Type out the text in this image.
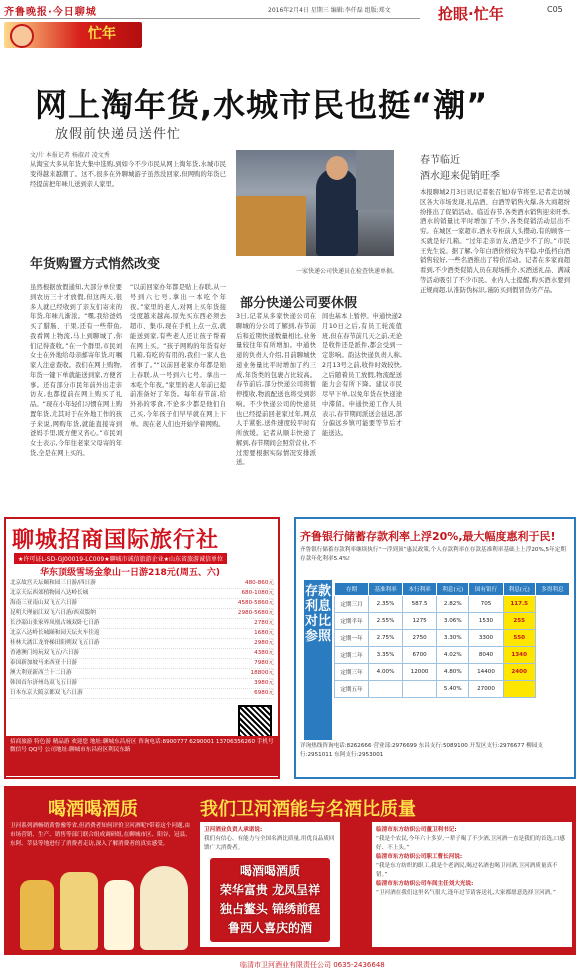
齐鲁晚报·今日聊城	2016年2月4日 星期三 编辑:李仟磊 组版:郑文	抢眼·忙年	C05
忙年
网上淘年货,水城市民也挺“潮”
放假前快递员送件忙
文/片 本报记者 杨淑君 凌文秀
从淘宝大多从年货大集中选购,到如今不少市民从网上淘年货,水城市民变得越来越潮了。这不,很多在外聊城游子虽然没回家,但网购的年货已经提前把年味儿送到亲人家里。
年货购置方式悄然改变
虽然根据放假通知,大部分单位要到农历三十才放假,但这两天,很多人就已经收到了亲友们寄来的年货,年味儿渐浓。“嘿,我给爸妈买了腊肠、干果,还有一些带鱼,我看网上物流,马上到聊城了,你们记得查收。”在一个群里,市民刘女士在外地给母亲邮寄年货,叮嘱家人注意查收。我们在网上购物,年货一键下单就能送到家,方便省事。还有部分市民年前外出走亲访友,也都提前在网上购买了礼品。“现在小年轻们习惯在网上购置年货,尤其对于在外地工作的孩子来说,网购年货,就能直接寄到爸妈手里,既方便又省心。”市民刘女士表示,今年往老家父母寄的年货,全是在网上买的。
“以前回家办年都是贴上春联,从一号到六七号,拿出一本吃个年夜。”家里的老人,对网上买年货接受度越来越高,原先买东西必须去超市、集市,现在手机上点一点,就能送到家,有些老人还让孩子帮着在网上买。“孩子网购的年货有好几箱,有吃的有用的,我们一家人也省事了。”“以前回老家办年都是贴上春联,从一号到六七号。拿出一本吃个年夜。”家里的老人年前已提前准备好了年货。每年春节前,给外孙的零食,不论多少都是他们自己买,今年孩子们早早就在网上下单。现在老人们也开始学着网购。
一家快递公司快递员在检查快递单据。
部分快递公司要休假
3日,记者从多家快递公司在聊城的分公司了解到,春节前后和近期快递数量相比,业务量较往年有所增加。中通快递的负责人介绍,目前聊城快递业务量比平时增加了约三成,年货类的包裹占比较高。春节前后,部分快递公司将暂停揽收,物流配送也将受到影响。不少快递公司的快递员也已经提前回老家过年,网点人手紧张,送件速度较平时有所放缓。记者从顺丰快递了解到,春节期间会照常营业,不过需要根据实际情况安排派送。
间也基本上暂停。申通快递2月10日之后,有员工轮流值班,但在春节前几天之前,无论是收件还是派件,都会受到一定影响。韵达快递负责人称,2月13号之前,收件时效较快,之后随着员工放假,物流配送能力会有所下降。建议市民尽早下单,以免年货在快递途中滞留。申通快递工作人员表示,春节期间派送会延迟,部分偏远乡镇可能要等节后才能送达。
春节临近
酒水迎来促销旺季
本报聊城2月3日讯(记者张召旭)春节将至,记者走访城区各大市场发现,礼品酒、白酒等销售火爆,各大商超纷纷推出了促销活动。临近春节,各类酒水销售迎来旺季,酒水的销量比平时增加了不少,各类促销活动层出不穷。在城区一家超市,酒水专柜前人头攒动,有的顾客一买就是好几箱。“过年走亲访友,酒是少不了的。”市民王先生说。据了解,今年白酒价格较为平稳,中低档白酒销售较好,一些名酒推出了特价活动。记者在多家商超看到,不少酒类促销人员在现场推介,买酒送礼品、满减等活动吸引了不少市民。业内人士提醒,购买酒水要到正规商超,认准防伪标识,谨防买到假冒伪劣产品。
聊城招商国际旅行社
★许可证L-SD-GJ00019-LC009★聊城市诚信旅游企业★山东省旅游诚信单位
华东顶级雪场金象山一日游218元(周五、六)
北京故宫天坛颐和园三日游/四日游	480-860元
北京天坛西郊植物园八达岭长城	680-1080元
海南三亚南山双飞五六日游	4580-5860元
昆明大理丽江双飞六日游/西双版纳	2980-5680元
长沙韶山张家界凤凰古城双卧七日游	2780元
北京八达岭长城颐和园天坛火车往返	1680元
桂林大漓江龙脊梯田阳朔双飞五日游	2980元
香港澳门纯玩双飞五/六日游	4380元
泰国新加坡马来西亚十日游	7980元
澳大利亚新西兰十二日游	18800元
韩国首尔济州岛双飞五日游	3980元
日本东京大阪京都双飞六日游	6980元
招商旅游 特色游 精品游 欢迎您 地址:聊城东昌府区 咨询电话:8900777 6290001 13706356260 手机号 微信号 QQ号 公司地址:聊城市东昌府区利民东路
齐鲁银行储蓄存款利率上浮20%,最大幅度惠利于民!
齐鲁银行储蓄存款利率继续执行“一浮到顶”惠民政策,个人存款利率在存款基准利率基础上上浮20%,5年定期存款年化利率5.4%!
存款利息对比参照
存期	基准利率	本行利率	利息(元)	国有银行	利息(元)	多得利息
定期三月	2.35%	587.5	2.82%	705	117.5	
定期半年	2.55%	1275	3.06%	1530	255	
定期一年	2.75%	2750	3.30%	3300	550	
定期二年	3.35%	6700	4.02%	8040	1340	
定期三年	4.00%	12000	4.80%	14400	2400	
定期五年			5.40%	27000		
详询热线咨询电话:8262666 营业部:2976699 东昌支行:5089100 开发区支行:2976677 柳园支行:2951011 东阿支行:2953001
喝酒喝酒质	我们卫河酒能与名酒比质量
卫河系列酒畅销黄鲁豫等省,但消费者知何评价卫河酒呢?带着这个问题,由市场营销、生产、销售等部门联合组成调研组,在聊城市区、阳谷、冠县、东阿、莘县等地进行了消费者走访,深入了解消费者的真实感受。
卫河酒业负责人承诺说:
我们有信心、有能力与全国名酒比质量,用优良品质回馈广大消费者。
喝酒喝酒质
荣华富贵 龙凤呈祥
独占鳌头 锦绣前程
鲁西人喜庆的酒
临清市东方纺织公司董卫利书记:
“我是个农民,今年六十多岁,一辈子喝了不少酒,卫河酒一直是我们的首选,口感好、不上头。”
临清市东方纺织公司职工曹长河说:
“我是东方纺织的职工,我是个老酒民,喝过名酒也喝卫河酒,卫河酒质量真不错。”
临清市东方纺织公司车间主任刘大光说:
“卫河酒在我们这里名气很大,逢年过节请客送礼,大家都愿意选择卫河酒。”
临清市卫河酒业有限责任公司 0635-2436648
